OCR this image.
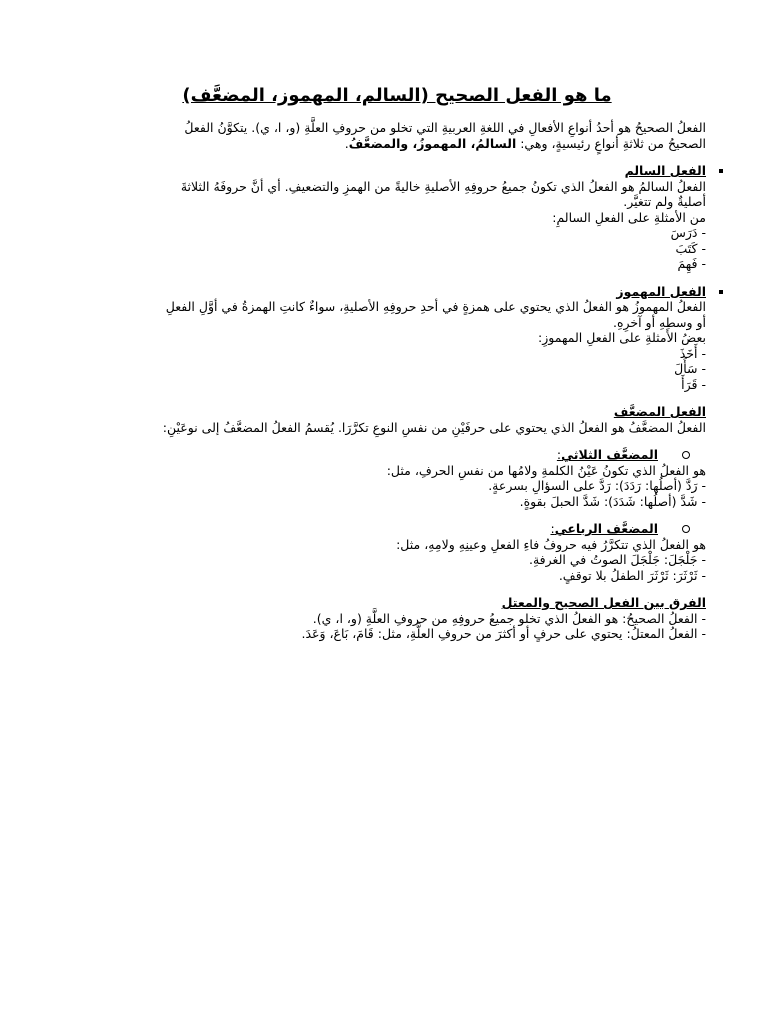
ما هو الفعل الصحيح (السالم، المهموز، المضعَّف)
الفعلُ الصحيحُ هو أحدُ أنواعِ الأفعالِ في اللغةِ العربيةِ التي تخلو من حروفِ العلَّةِ (و، ا، ي). يتكوَّنُ الفعلُ
الصحيحُ من ثلاثةِ أنواعٍ رئيسيةٍ، وهي: السالمُ، المهموزُ، والمضعَّفُ.
الفعل السالم
الفعلُ السالمُ هو الفعلُ الذي تكونُ جميعُ حروفِهِ الأصليةِ خاليةً من الهمزِ والتضعيفِ. أي أنَّ حروفَهُ الثلاثةَ
أصليةٌ ولم تتغيَّر.
من الأمثلةِ على الفعلِ السالمِ:
- دَرَسَ
- كَتَبَ
- فَهِمَ
الفعل المهموز
الفعلُ المهموزُ هو الفعلُ الذي يحتوي على همزةٍ في أحدِ حروفِهِ الأصليةِ، سواءٌ كانتِ الهمزةُ في أوَّلِ الفعلِ
أو وسطِهِ أو آخرِهِ.
بعضُ الأمثلةِ على الفعلِ المهموزِ:
- أَخَذَ
- سَأَلَ
- قَرَأَ
الفعل المضعَّف
الفعلُ المضعَّفُ هو الفعلُ الذي يحتوي على حرفَيْنِ من نفسِ النوعِ تكرَّرَا. يُقسمُ الفعلُ المضعَّفُ إلى نوعَيْنِ:
المضعَّف الثلاثي:
هو الفعلُ الذي تكونُ عَيْنُ الكلمةِ ولامُها من نفسِ الحرفِ، مثل:
- رَدَّ (أصلُها: رَدَدَ): رَدَّ على السؤالِ بسرعةٍ.
- شَدَّ (أصلُها: شَدَدَ): شَدَّ الحبلَ بقوةٍ.
المضعَّف الرباعي:
هو الفعلُ الذي تتكرَّرُ فيه حروفُ فاءِ الفعلِ وعينِهِ ولامِهِ، مثل:
- جَلْجَلَ: جَلْجَلَ الصوتُ في الغرفةِ.
- ثَرْثَرَ: ثَرْثَرَ الطفلُ بلا توقفٍ.
الفرق بين الفعل الصحيح والمعتل
- الفعلُ الصحيحُ: هو الفعلُ الذي تخلو جميعُ حروفِهِ من حروفِ العلَّةِ (و، ا، ي).
- الفعلُ المعتلُ: يحتوي على حرفٍ أو أكثرَ من حروفِ العلَّةِ، مثل: قَامَ، بَاعَ، وَعَدَ.
